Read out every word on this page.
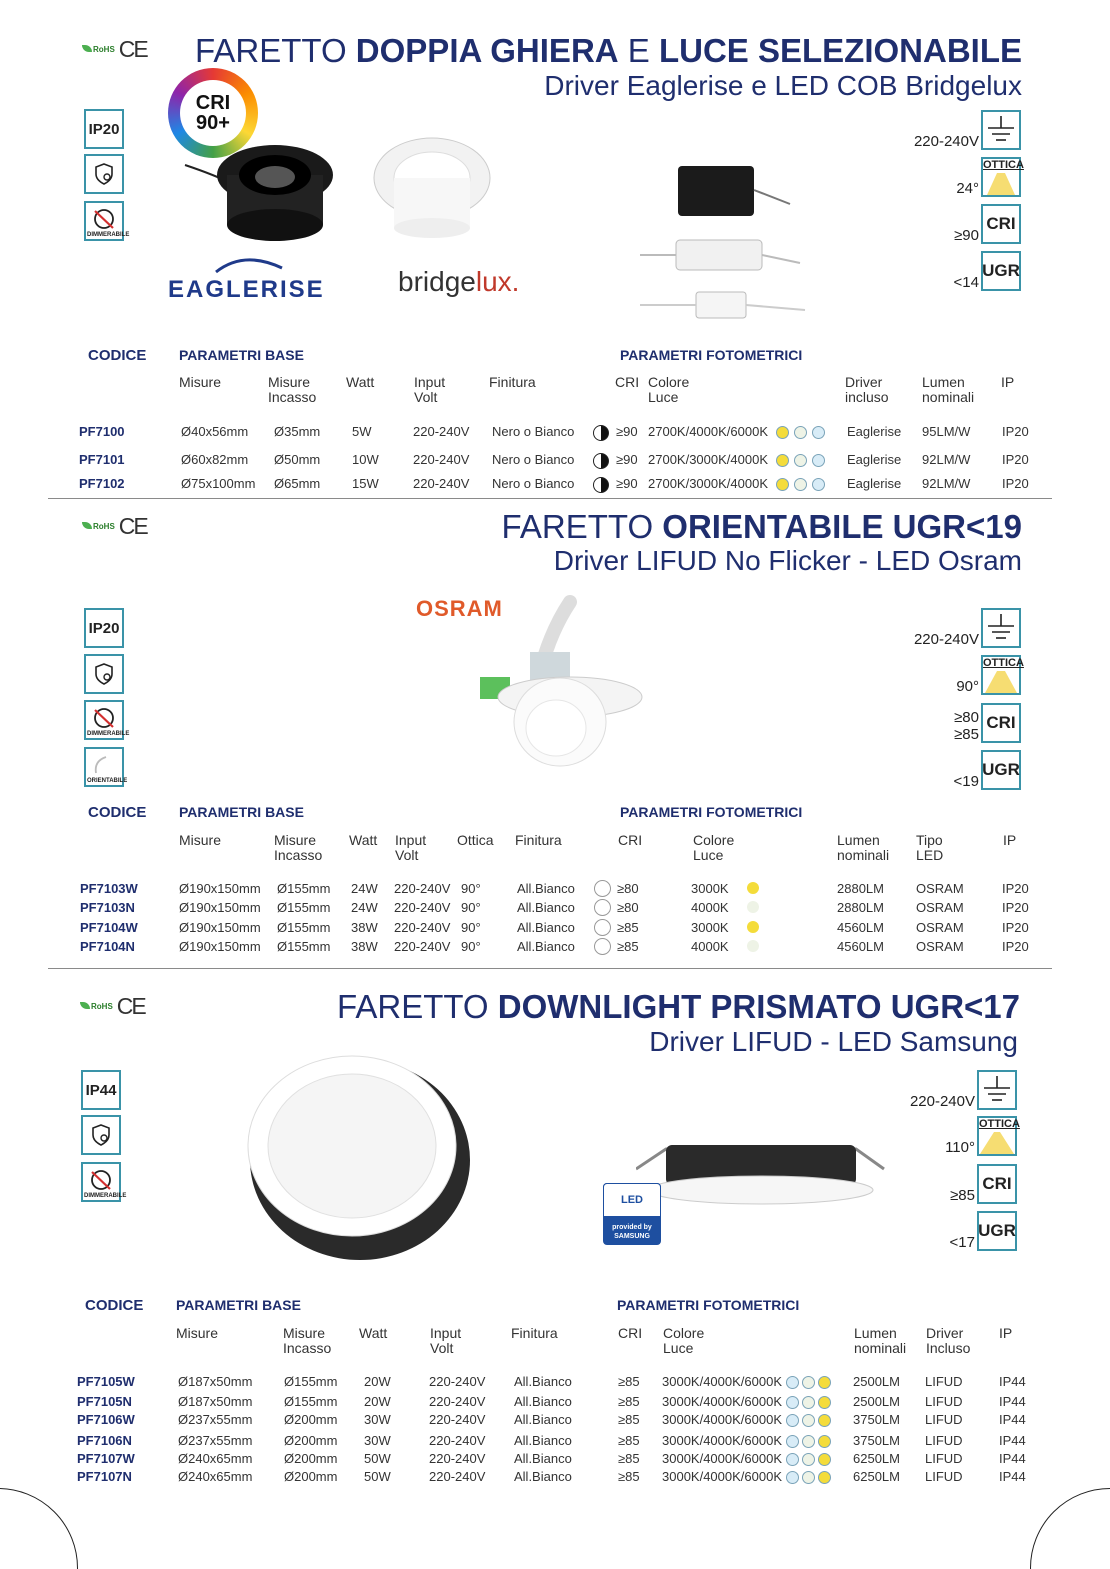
RoHS CE FARETTO DOPPIA GHIERA E LUCE SELEZIONABILE
Driver Eaglerise e LED COB Bridgelux
CRI
90+
IP20
DIMMERABILE
EAGLERISE	bridgelux.
220-240V
24°
OTTICA
≥90
CRI
<14
UGR
CODICE PARAMETRI BASE	PARAMETRI FOTOMETRICI
Misure	Misure
Incasso
Watt	Input
Volt
Finitura	CRI Colore
Luce
Driver
incluso
Lumen
nominali
IP
PF7100	Ø40x56mm Ø35mm 5W	220-240V Nero o Bianco	≥90 2700K/4000K/6000K	Eaglerise 95LM/W IP20
PF7101	Ø60x82mm Ø50mm 10W	220-240V Nero o Bianco	≥90 2700K/3000K/4000K	Eaglerise 92LM/W IP20
PF7102	Ø75x100mm Ø65mm 15W	220-240V Nero o Bianco	≥90 2700K/3000K/4000K	Eaglerise 92LM/W IP20
RoHS CE	FARETTO ORIENTABILE UGR<19
Driver LIFUD No Flicker - LED Osram
IP20
DIMMERABILE
ORIENTABILE
OSRAM
220-240V
90°
OTTICA
≥80
≥85
CRI
<19
UGR
CODICE PARAMETRI BASE	PARAMETRI FOTOMETRICI
Misure	Misure
Incasso
Watt Input
Volt
Ottica Finitura	CRI	Colore
Luce
Lumen
nominali
Tipo
LED
IP
PF7103W	Ø190x150mm Ø155mm 24W 220-240V 90°	All.Bianco	≥80	3000K	2880LM OSRAM	IP20
PF7103N	Ø190x150mm Ø155mm 24W 220-240V 90°	All.Bianco	≥80	4000K	2880LM OSRAM	IP20
PF7104W	Ø190x150mm Ø155mm 38W 220-240V 90°	All.Bianco	≥85	3000K	4560LM OSRAM	IP20
PF7104N	Ø190x150mm Ø155mm 38W 220-240V 90°	All.Bianco	≥85	4000K	4560LM OSRAM	IP20
RoHS CE	FARETTO DOWNLIGHT PRISMATO UGR<17
Driver LIFUD - LED Samsung
IP44
DIMMERABILE	LED
provided by
SAMSUNG
220-240V
110°
OTTICA
≥85
CRI
<17
UGR
CODICE PARAMETRI BASE	PARAMETRI FOTOMETRICI
Misure	Misure
Incasso
Watt	Input
Volt
Finitura	CRI Colore
Luce
Lumen
nominali
Driver
Incluso
IP
PF7105W	Ø187x50mm Ø155mm 20W	220-240V All.Bianco	≥85 3000K/4000K/6000K	2500LM LIFUD	IP44
PF7105N	Ø187x50mm Ø155mm 20W	220-240V All.Bianco	≥85 3000K/4000K/6000K	2500LM LIFUD	IP44
PF7106W	Ø237x55mm Ø200mm 30W	220-240V All.Bianco	≥85 3000K/4000K/6000K	3750LM LIFUD	IP44
PF7106N	Ø237x55mm Ø200mm 30W	220-240V All.Bianco	≥85 3000K/4000K/6000K	3750LM LIFUD	IP44
PF7107W	Ø240x65mm Ø200mm 50W	220-240V All.Bianco	≥85 3000K/4000K/6000K	6250LM LIFUD	IP44
PF7107N	Ø240x65mm Ø200mm 50W	220-240V All.Bianco	≥85 3000K/4000K/6000K	6250LM LIFUD	IP44
